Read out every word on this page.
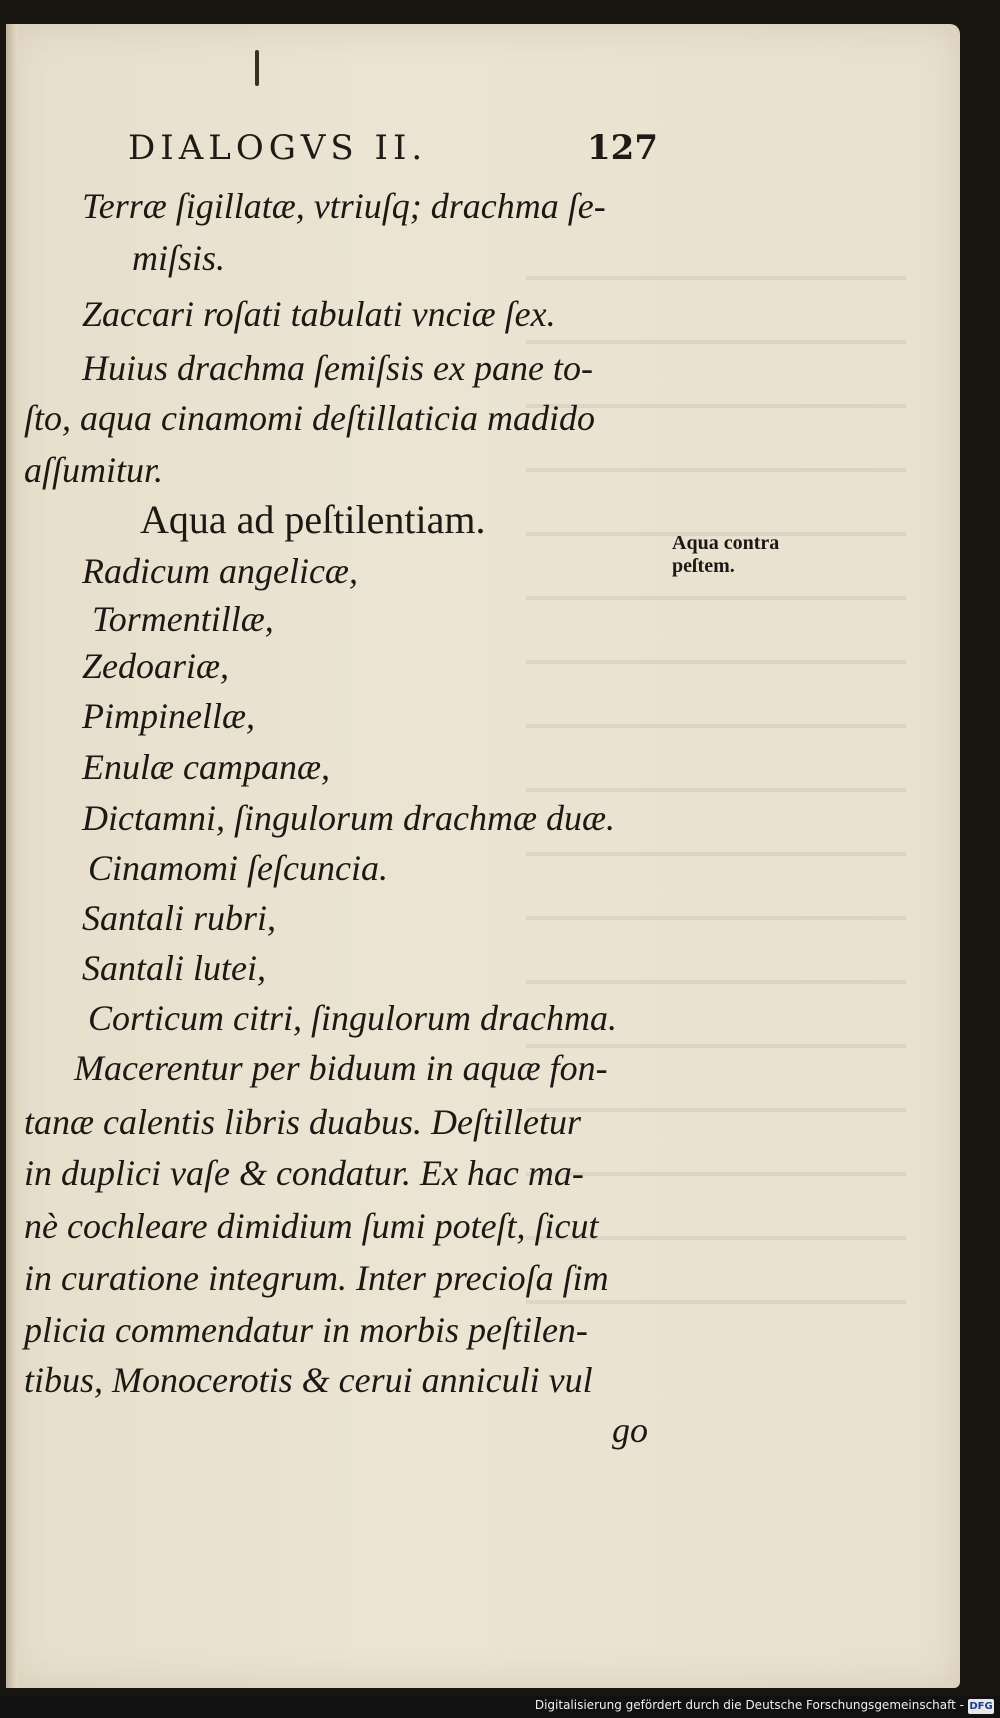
DIALOGVS II.	127
Terræ ſigillatæ, vtriuſq; drachma ſe-
miſsis.
Zaccari roſati tabulati vnciæ ſex.
Huius drachma ſemiſsis ex pane to-
ſto, aqua cinamomi deſtillaticia madido
aſſumitur.
Aqua ad peſtilentiam.
Radicum angelicæ,
Tormentillæ,
Zedoariæ,
Pimpinellæ,
Enulæ campanæ,
Dictamni, ſingulorum drachmæ duæ.
Cinamomi ſeſcuncia.
Santali rubri,
Santali lutei,
Corticum citri, ſingulorum drachma.
Macerentur per biduum in aquæ fon-
tanæ calentis libris duabus. Deſtilletur
in duplici vaſe & condatur. Ex hac ma-
nè cochleare dimidium ſumi poteſt, ſicut
in curatione integrum. Inter precioſa ſim
plicia commendatur in morbis peſtilen-
tibus, Monocerotis & cerui anniculi vul
go
Aqua contra
peſtem.
Digitalisierung gefördert durch die Deutsche Forschungsgemeinschaft - DFG
